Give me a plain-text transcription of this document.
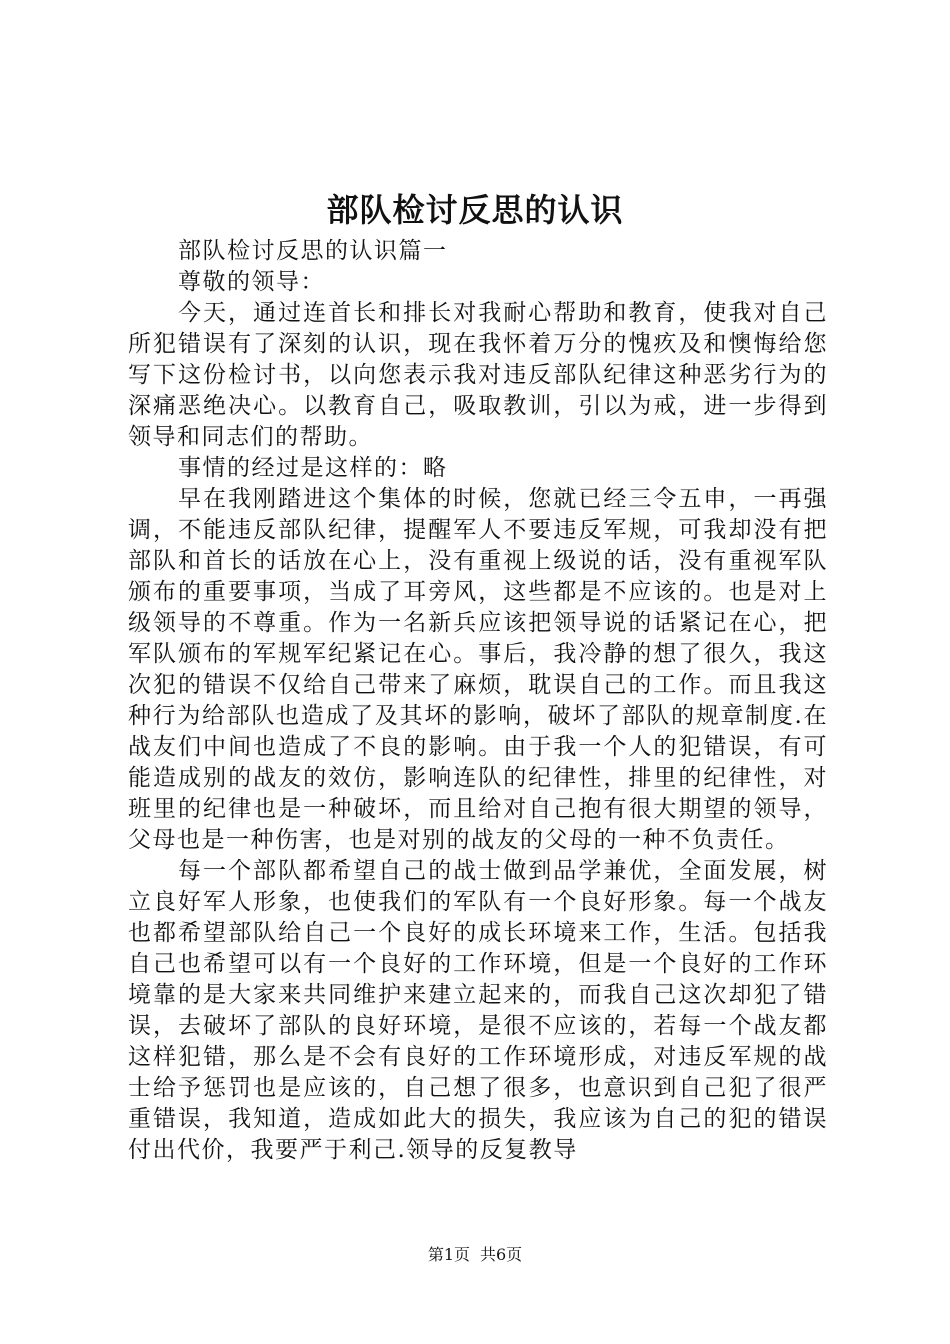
部队检讨反思的认识

部队检讨反思的认识篇一

尊敬的领导：

今天，通过连首长和排长对我耐心帮助和教育，使我对自己所犯错误有了深刻的认识，现在我怀着万分的愧疚及和懊悔给您写下这份检讨书，以向您表示我对违反部队纪律这种恶劣行为的深痛恶绝决心。以教育自己，吸取教训，引以为戒，进一步得到领导和同志们的帮助。

事情的经过是这样的：略

早在我刚踏进这个集体的时候，您就已经三令五申，一再强调，不能违反部队纪律，提醒军人不要违反军规，可我却没有把部队和首长的话放在心上，没有重视上级说的话，没有重视军队颁布的重要事项，当成了耳旁风，这些都是不应该的。也是对上级领导的不尊重。作为一名新兵应该把领导说的话紧记在心，把军队颁布的军规军纪紧记在心。事后，我冷静的想了很久，我这次犯的错误不仅给自己带来了麻烦，耽误自己的工作。而且我这种行为给部队也造成了及其坏的影响，破坏了部队的规章制度.在战友们中间也造成了不良的影响。由于我一个人的犯错误，有可能造成别的战友的效仿，影响连队的纪律性，排里的纪律性，对班里的纪律也是一种破坏，而且给对自己抱有很大期望的领导，父母也是一种伤害，也是对别的战友的父母的一种不负责任。

每一个部队都希望自己的战士做到品学兼优，全面发展，树立良好军人形象，也使我们的军队有一个良好形象。每一个战友也都希望部队给自己一个良好的成长环境来工作，生活。包括我自己也希望可以有一个良好的工作环境，但是一个良好的工作环境靠的是大家来共同维护来建立起来的，而我自己这次却犯了错误，去破坏了部队的良好环境，是很不应该的，若每一个战友都这样犯错，那么是不会有良好的工作环境形成，对违反军规的战士给予惩罚也是应该的，自己想了很多，也意识到自己犯了很严重错误，我知道，造成如此大的损失，我应该为自己的犯的错误付出代价，我要严于利己.领导的反复教导

第1页 共6页
